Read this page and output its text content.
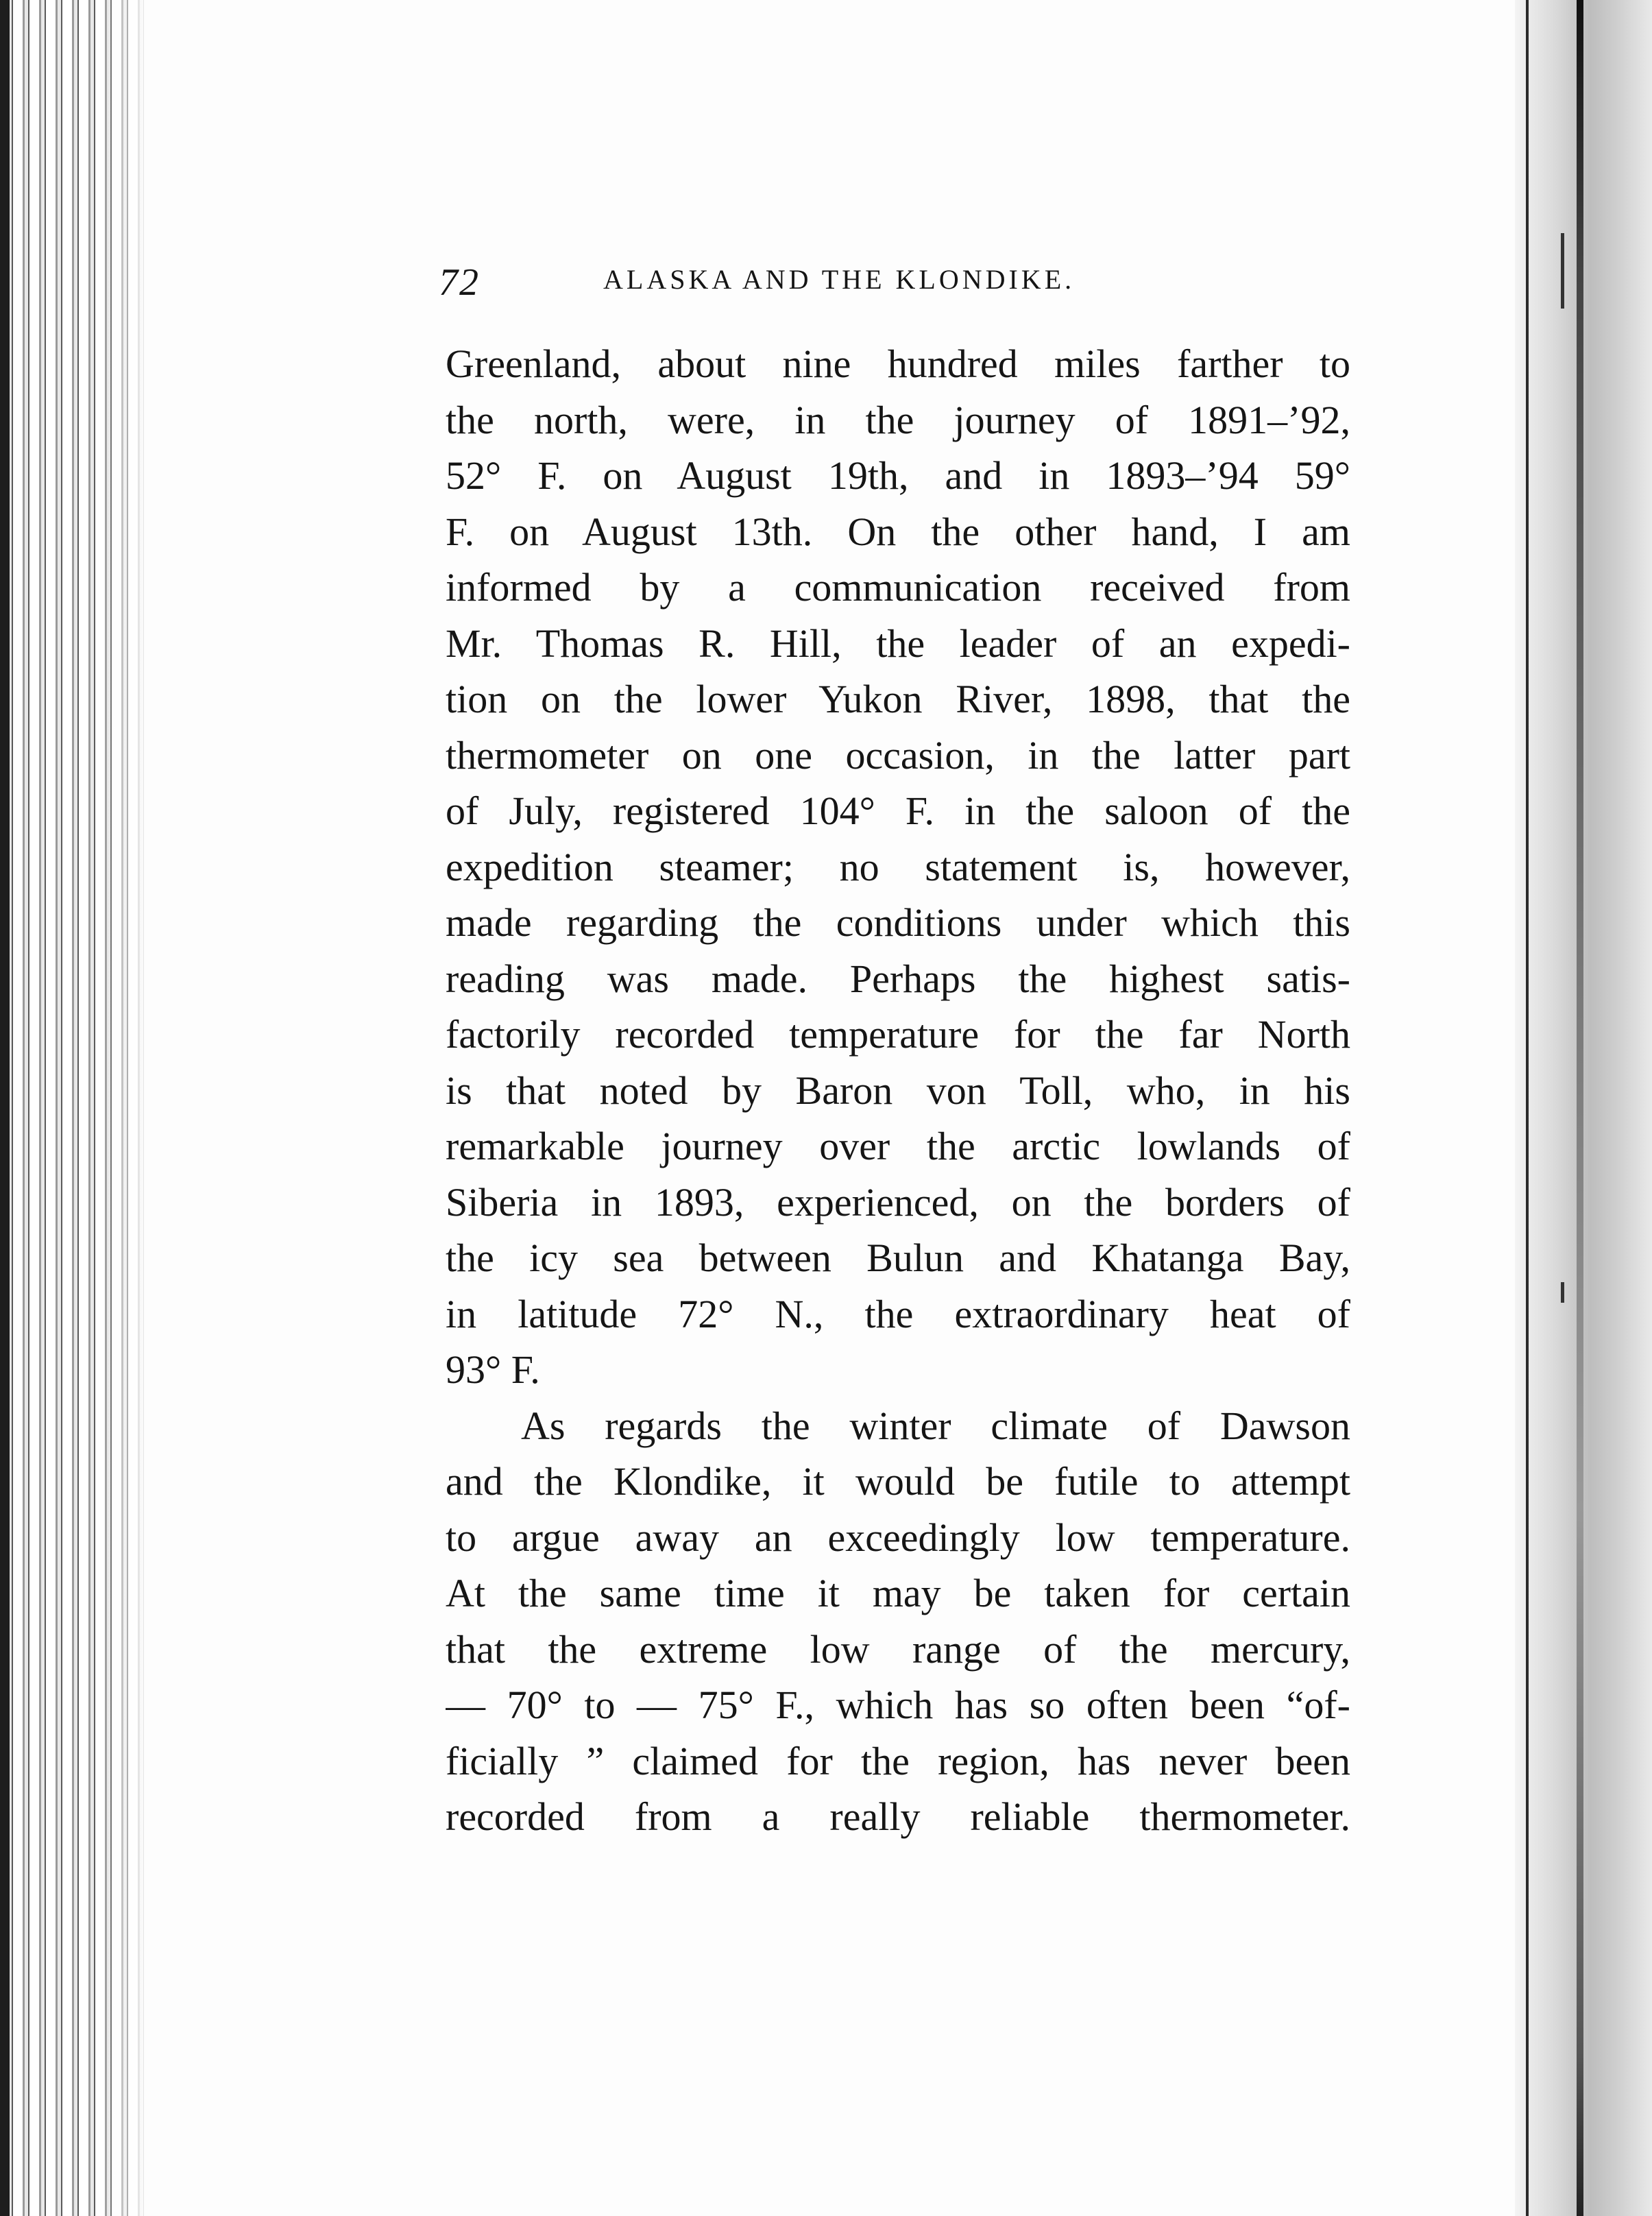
72	ALASKA AND THE KLONDIKE.
Greenland, about nine hundred miles farther to
the north, were, in the journey of 1891–’92,
52° F. on August 19th, and in 1893–’94 59°
F. on August 13th. On the other hand, I am
informed by a communication received from
Mr. Thomas R. Hill, the leader of an expedi-
tion on the lower Yukon River, 1898, that the
thermometer on one occasion, in the latter part
of July, registered 104° F. in the saloon of the
expedition steamer; no statement is, however,
made regarding the conditions under which this
reading was made. Perhaps the highest satis-
factorily recorded temperature for the far North
is that noted by Baron von Toll, who, in his
remarkable journey over the arctic lowlands of
Siberia in 1893, experienced, on the borders of
the icy sea between Bulun and Khatanga Bay,
in latitude 72° N., the extraordinary heat of
93° F.
As regards the winter climate of Dawson
and the Klondike, it would be futile to attempt
to argue away an exceedingly low temperature.
At the same time it may be taken for certain
that the extreme low range of the mercury,
— 70° to — 75° F., which has so often been “of-
ficially ” claimed for the region, has never been
recorded from a really reliable thermometer.
